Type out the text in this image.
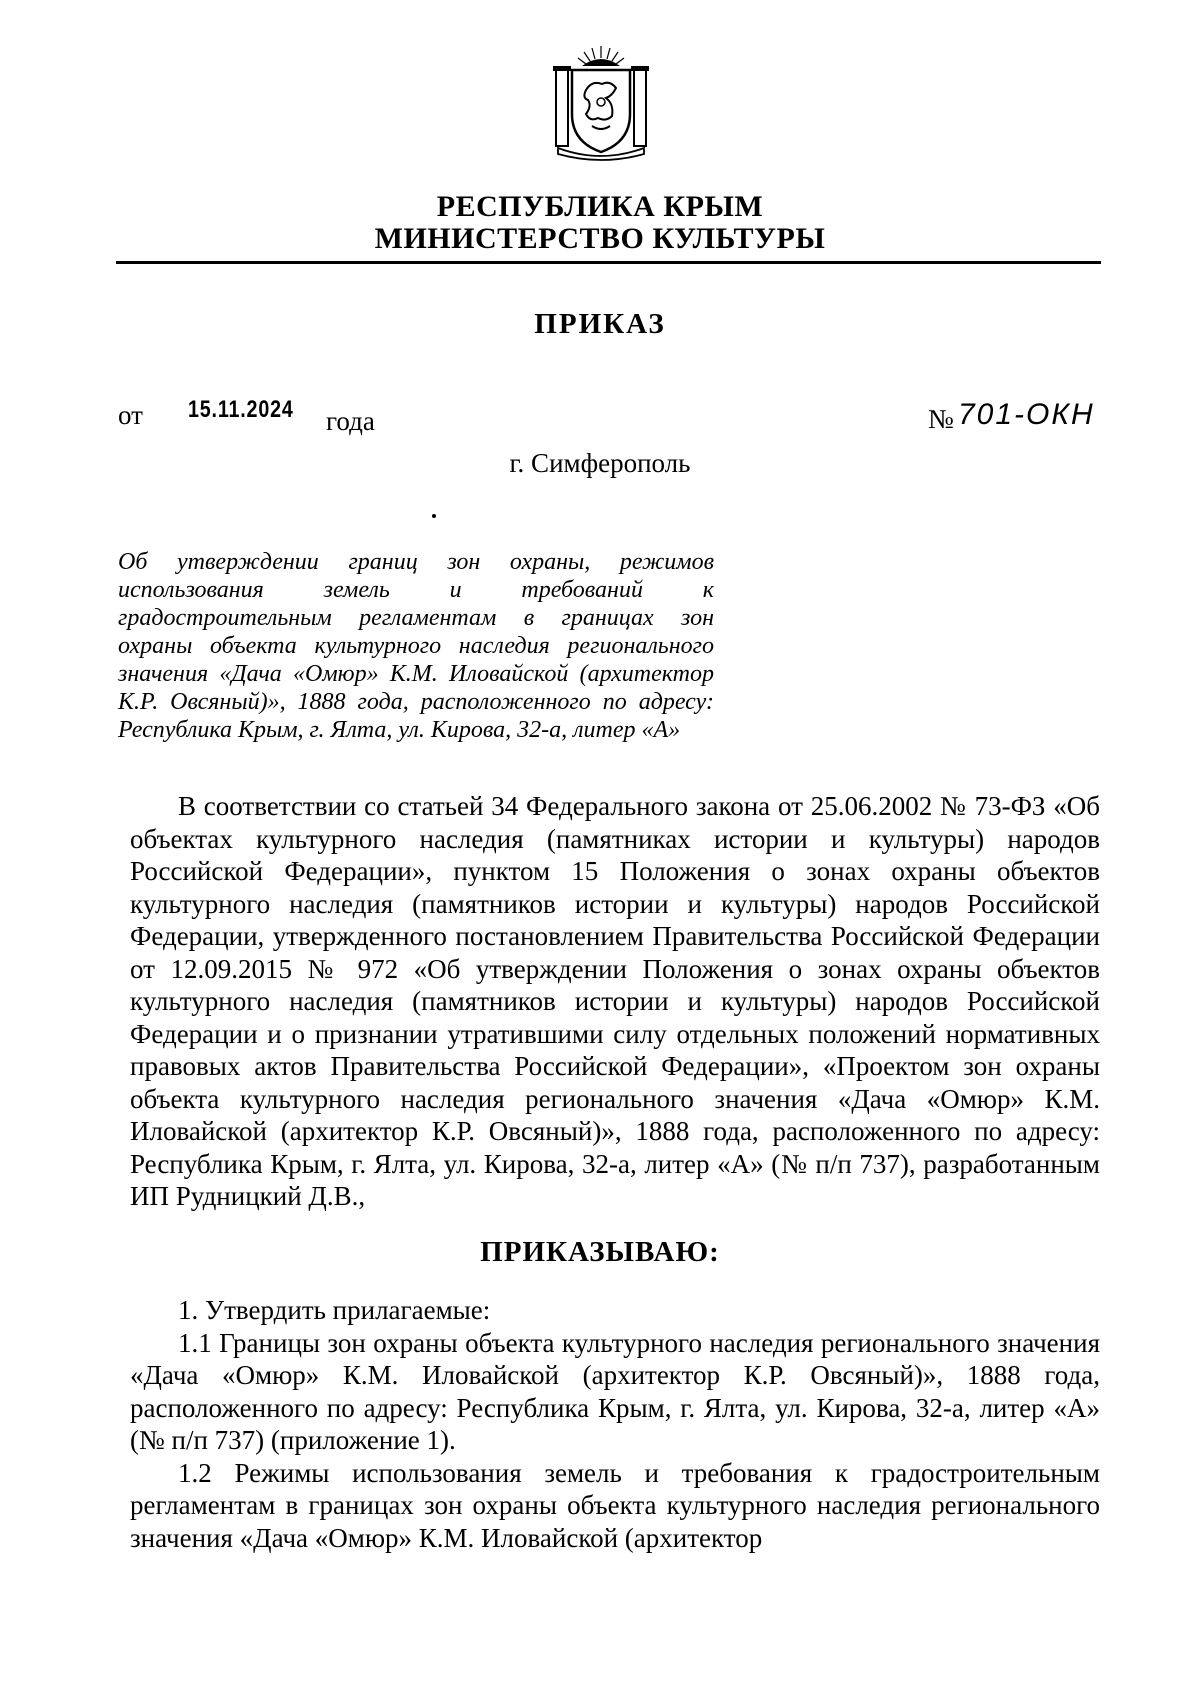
РЕСПУБЛИКА КРЫМ
МИНИСТЕРСТВО КУЛЬТУРЫ
ПРИКАЗ
от 15.11.2024 года	№ 701-ОКН
г. Симферополь
Об утверждении границ зон охраны, режимов
использования земель и требований к
градостроительным регламентам в границах зон
охраны объекта культурного наследия регионального
значения «Дача «Омюр» К.М. Иловайской (архитектор
К.Р. Овсяный)», 1888 года, расположенного по адресу:
Республика Крым, г. Ялта, ул. Кирова, 32-а, литер «А»

В соответствии со статьей 34 Федерального закона от 25.06.2002 № 73-ФЗ «Об объектах культурного наследия (памятниках истории и культуры) народов Российской Федерации», пунктом 15 Положения о зонах охраны объектов культурного наследия (памятников истории и культуры) народов Российской Федерации, утвержденного постановлением Правительства Российской Федерации от 12.09.2015 № 972 «Об утверждении Положения о зонах охраны объектов культурного наследия (памятников истории и культуры) народов Российской Федерации и о признании утратившими силу отдельных положений нормативных правовых актов Правительства Российской Федерации», «Проектом зон охраны объекта культурного наследия регионального значения «Дача «Омюр» К.М. Иловайской (архитектор К.Р. Овсяный)», 1888 года, расположенного по адресу: Республика Крым, г. Ялта, ул. Кирова, 32-а, литер «А» (№ п/п 737), разработанным ИП Рудницкий Д.В.,

ПРИКАЗЫВАЮ:

1. Утвердить прилагаемые:

1.1 Границы зон охраны объекта культурного наследия регионального значения «Дача «Омюр» К.М. Иловайской (архитектор К.Р. Овсяный)», 1888 года, расположенного по адресу: Республика Крым, г. Ялта, ул. Кирова, 32-а, литер «А» (№ п/п 737) (приложение 1).

1.2 Режимы использования земель и требования к градостроительным регламентам в границах зон охраны объекта культурного наследия регионального значения «Дача «Омюр» К.М. Иловайской (архитектор
